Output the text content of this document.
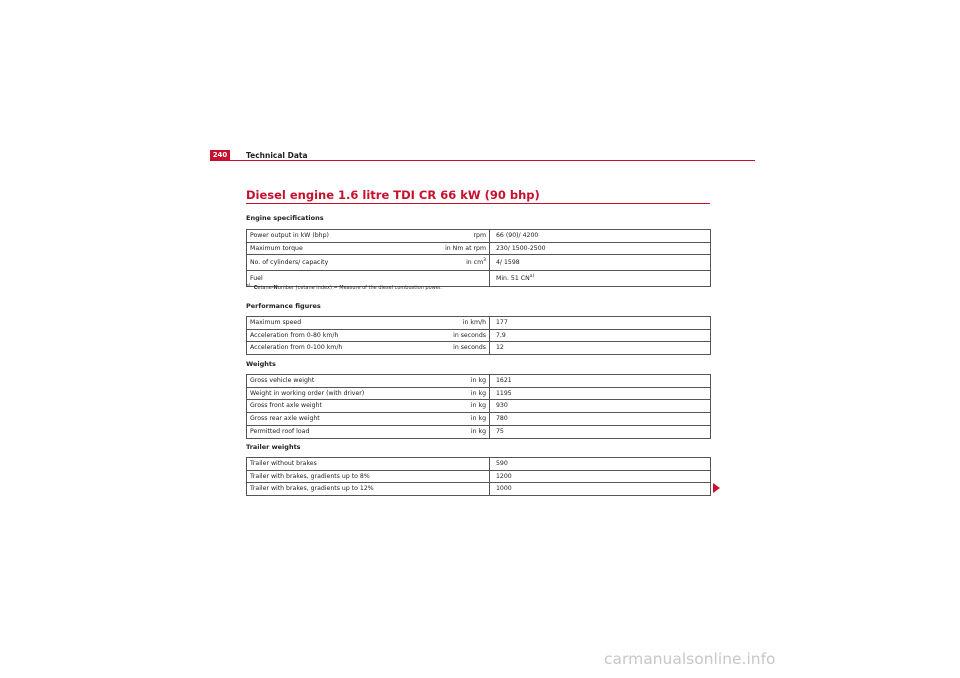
240	Technical Data
Diesel engine 1.6 litre TDI CR 66 kW (90 bhp)
Engine specifications
Power output in kW (bhp)	rpm	66 (90)/ 4200
Maximum torque	in Nm at rpm	230/ 1500-2500
No. of cylinders/ capacity	in $cm^3$	4/ 1598
Fuel		Min. 51 CN$^{a)}$
$^{a)}$ Cetane-Number (cetane index) = Measure of the diesel combustion power.
Performance figures
Maximum speed	in km/h	177
Acceleration from 0-80 km/h	in seconds	7,9
Acceleration from 0-100 km/h	in seconds	12
Weights
Gross vehicle weight	in kg	1621
Weight in working order (with driver)	in kg	1195
Gross front axle weight	in kg	930
Gross rear axle weight	in kg	780
Permitted roof load	in kg	75
Trailer weights
Trailer without brakes		590
Trailer with brakes, gradients up to 8%		1200
Trailer with brakes, gradients up to 12%		1000
carmanualsonline.info
